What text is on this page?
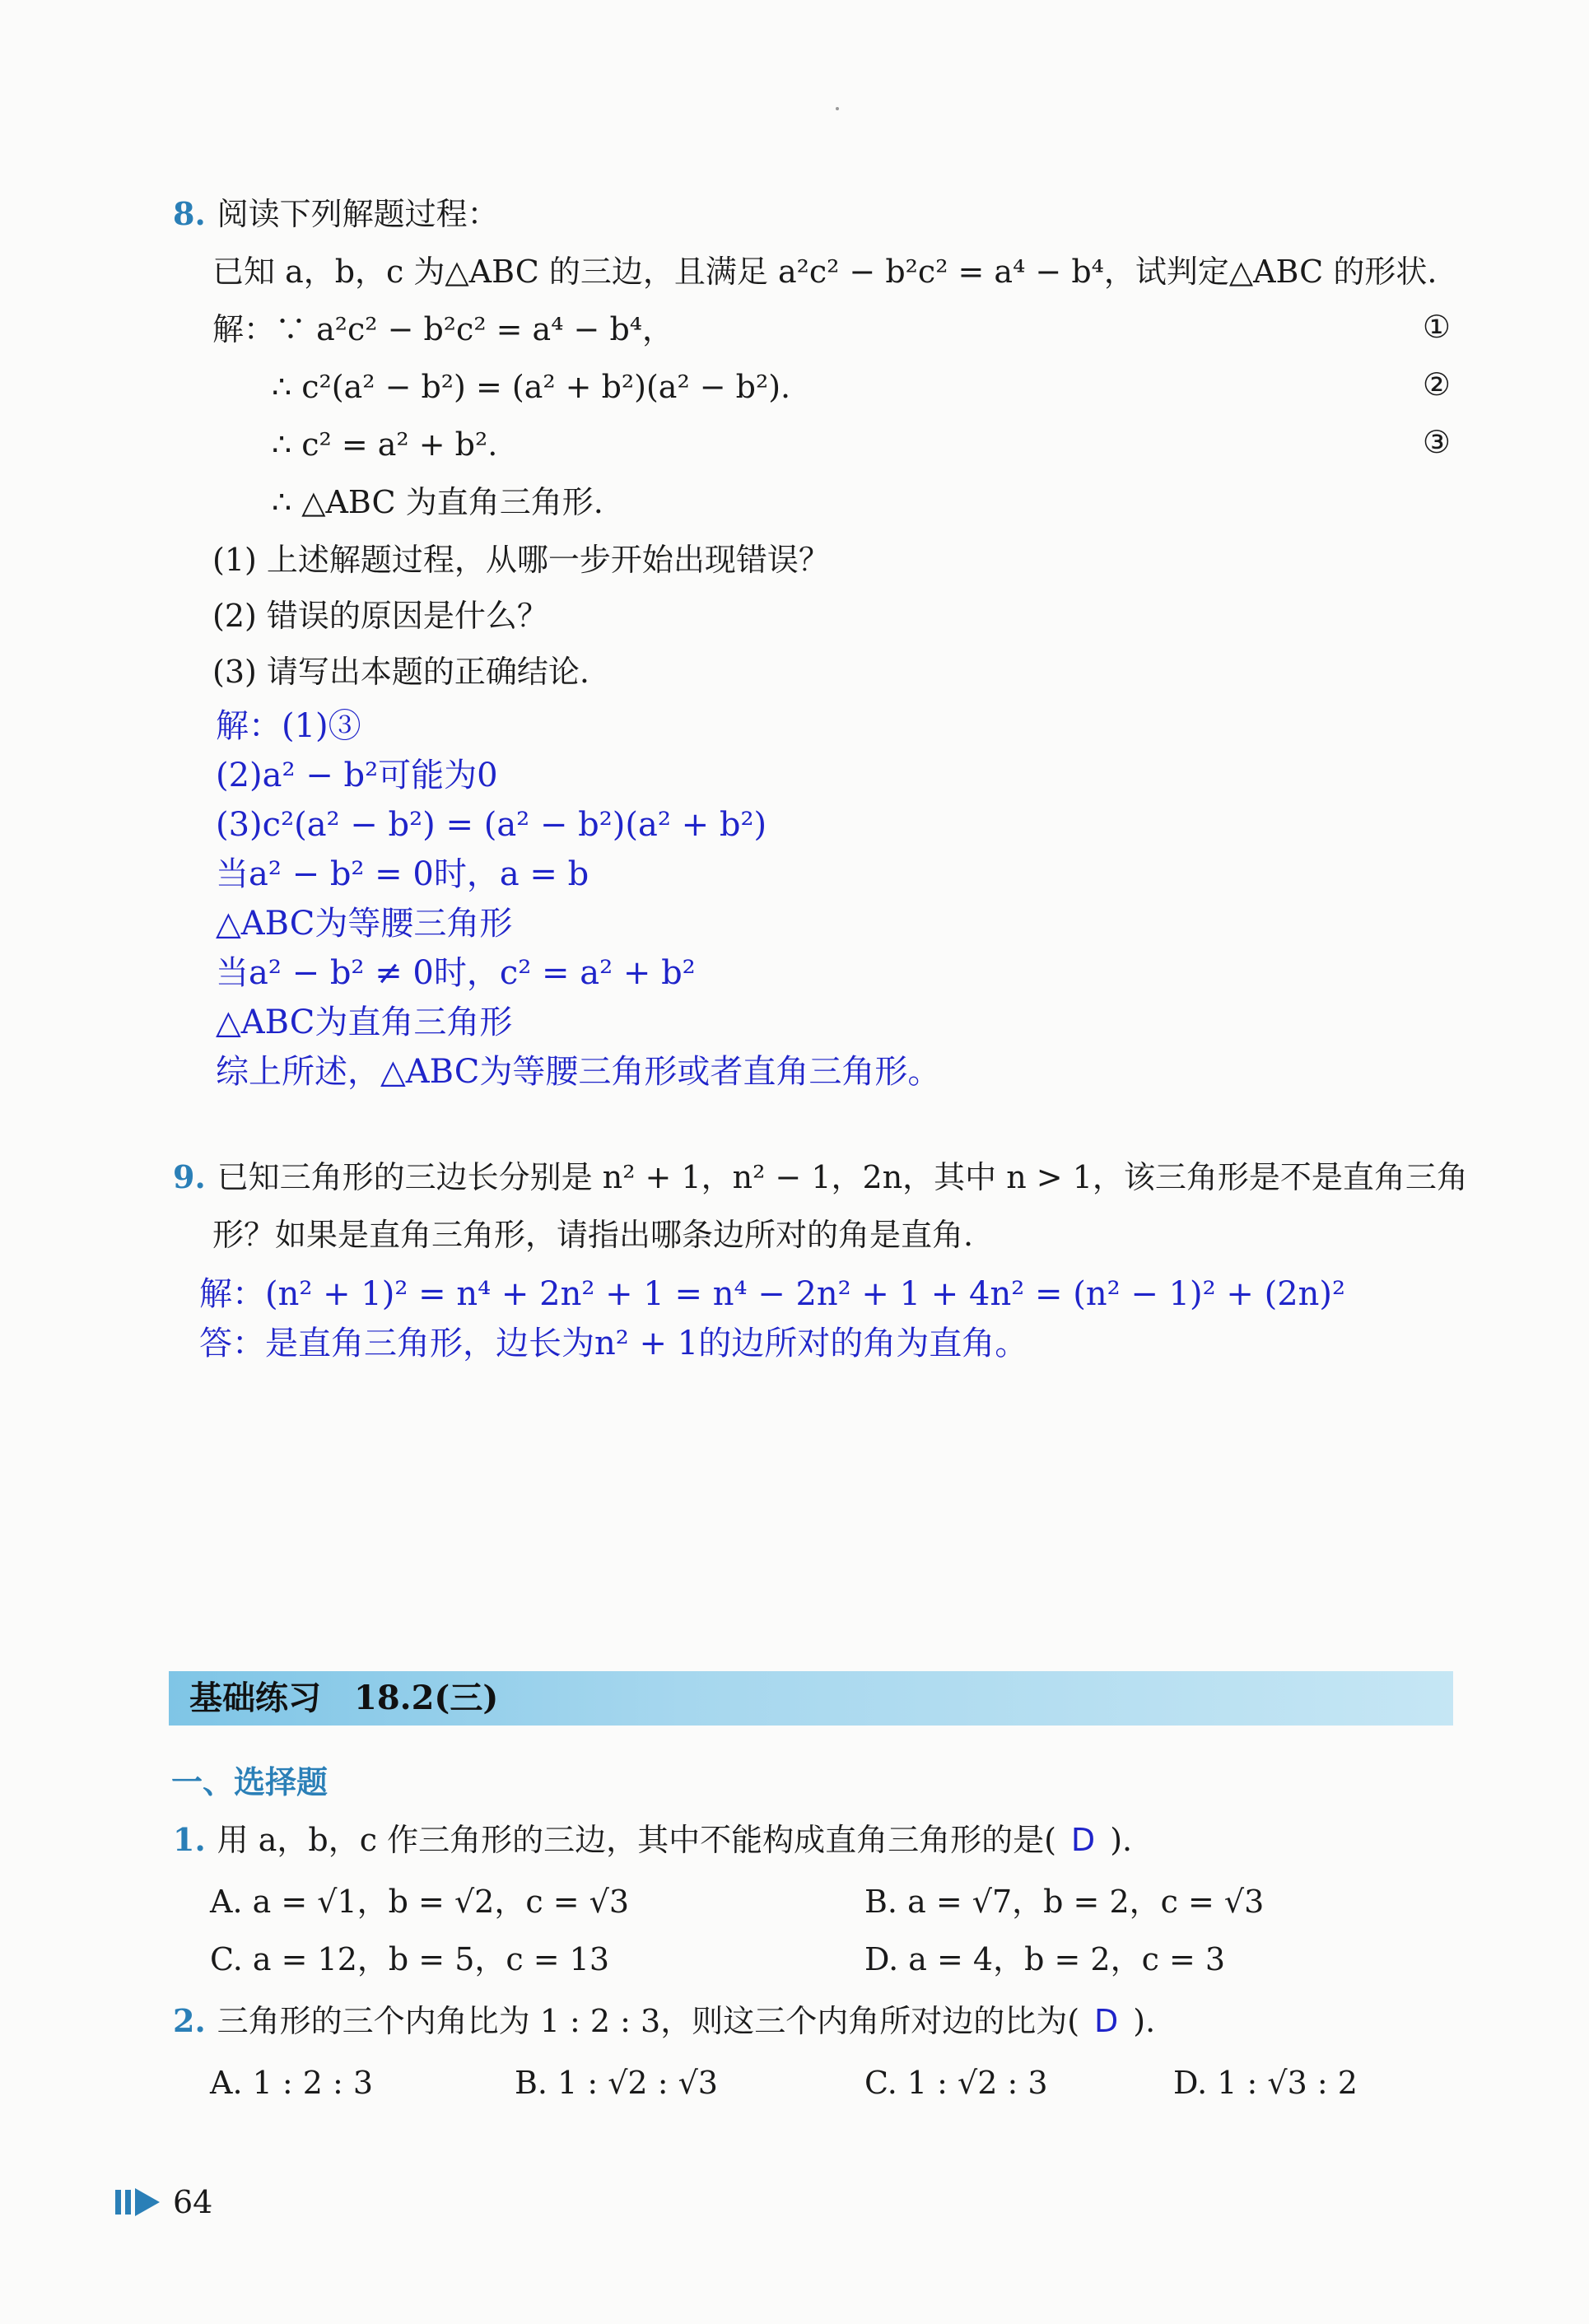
8. 阅读下列解题过程：
已知 a，b，c 为△ABC 的三边，且满足 a²c² − b²c² = a⁴ − b⁴，试判定△ABC 的形状.
解：∵ a²c² − b²c² = a⁴ − b⁴，	①
∴ c²(a² − b²) = (a² + b²)(a² − b²).	②
∴ c² = a² + b².	③
∴ △ABC 为直角三角形.
(1) 上述解题过程，从哪一步开始出现错误？
(2) 错误的原因是什么？
(3) 请写出本题的正确结论.
解：(1)③
(2)a² − b²可能为0
(3)c²(a² − b²) = (a² − b²)(a² + b²)
当a² − b² = 0时，a = b
△ABC为等腰三角形
当a² − b² ≠ 0时，c² = a² + b²
△ABC为直角三角形
综上所述，△ABC为等腰三角形或者直角三角形。
9. 已知三角形的三边长分别是 n² + 1，n² − 1，2n，其中 n > 1，该三角形是不是直角三角
形？如果是直角三角形，请指出哪条边所对的角是直角.
解：(n² + 1)² = n⁴ + 2n² + 1 = n⁴ − 2n² + 1 + 4n² = (n² − 1)² + (2n)²
答：是直角三角形，边长为n² + 1的边所对的角为直角。
基础练习　18.2(三)
一、选择题
1. 用 a，b，c 作三角形的三边，其中不能构成直角三角形的是( D ).
A. a = √1，b = √2，c = √3	B. a = √7，b = 2，c = √3
C. a = 12，b = 5，c = 13	D. a = 4，b = 2，c = 3
2. 三角形的三个内角比为 1 : 2 : 3，则这三个内角所对边的比为( D ).
A. 1 : 2 : 3	B. 1 : √2 : √3	C. 1 : √2 : 3	D. 1 : √3 : 2
64
